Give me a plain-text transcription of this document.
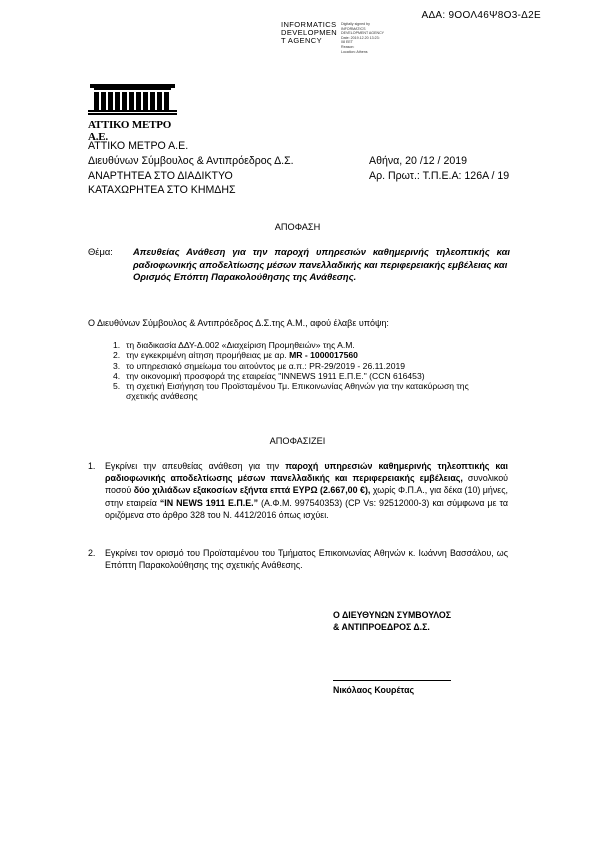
ΑΔΑ: 9ΟΟΛ46Ψ8Ο3-Δ2Ε
INFORMATICS
DEVELOPMEN
T AGENCY
Digitally signed by
INFORMATICS
DEVELOPMENT AGENCY
Date: 2019.12.20 13:23:
08 EET
Reason:
Location: Athens
ΑΤΤΙΚΟ ΜΕΤΡΟ Α.Ε.
ΑΤΤΙΚΟ ΜΕΤΡΟ Α.Ε.
Διευθύνων Σύμβουλος & Αντιπρόεδρος Δ.Σ.
ΑΝΑΡΤΗΤΕΑ ΣΤΟ ΔΙΑΔΙΚΤΥΟ
ΚΑΤΑΧΩΡΗΤΕΑ ΣΤΟ ΚΗΜΔΗΣ
Αθήνα, 20 /12 / 2019
Αρ. Πρωτ.: Τ.Π.Ε.Α: 126Α / 19
ΑΠΟΦΑΣΗ
Θέμα: Απευθείας Ανάθεση για την παροχή υπηρεσιών καθημερινής τηλεοπτικής και ραδιοφωνικής αποδελτίωσης μέσων πανελλαδικής και περιφερειακής εμβέλειας και
Ορισμός Επόπτη Παρακολούθησης της Ανάθεσης.
Ο Διευθύνων Σύμβουλος & Αντιπρόεδρος Δ.Σ.της Α.Μ., αφού έλαβε υπόψη:
1. τη διαδικασία ΔΔΥ-Δ.002 «Διαχείριση Προμηθειών» της Α.Μ.
2. την εγκεκριμένη αίτηση προμήθειας με αρ. MR - 1000017560
3. το υπηρεσιακό σημείωμα του αιτούντος με α.π.: PR-29/2019 - 26.11.2019
4. την οικονομική προσφορά της εταιρείας "INNEWS 1911 Ε.Π.Ε." (CCN 616453)
5. τη σχετική Εισήγηση του Προϊσταμένου Τμ. Επικοινωνίας Αθηνών για την κατακύρωση της σχετικής ανάθεσης
ΑΠΟΦΑΣΙΖΕΙ
1. Εγκρίνει την απευθείας ανάθεση για την παροχή υπηρεσιών καθημερινής τηλεοπτικής και ραδιοφωνικής αποδελτίωσης μέσων πανελλαδικής και περιφερειακής εμβέλειας, συνολικού ποσού δύο χιλιάδων εξακοσίων εξήντα επτά ΕΥΡΩ (2.667,00 €), χωρίς Φ.Π.Α., για δέκα (10) μήνες, στην εταιρεία “IN NEWS 1911 Ε.Π.Ε.” (Α.Φ.Μ. 997540353) (CP Vs: 92512000-3) και σύμφωνα με τα οριζόμενα στο άρθρο 328 του Ν. 4412/2016 όπως ισχύει.
2. Εγκρίνει τον ορισμό του Προϊσταμένου του Τμήματος Επικοινωνίας Αθηνών κ. Ιωάννη Βασσάλου, ως Επόπτη Παρακολούθησης της σχετικής Ανάθεσης.
Ο ΔΙΕΥΘΥΝΩΝ ΣΥΜΒΟΥΛΟΣ
& ΑΝΤΙΠΡΟΕΔΡΟΣ Δ.Σ.
Νικόλαος Κουρέτας
